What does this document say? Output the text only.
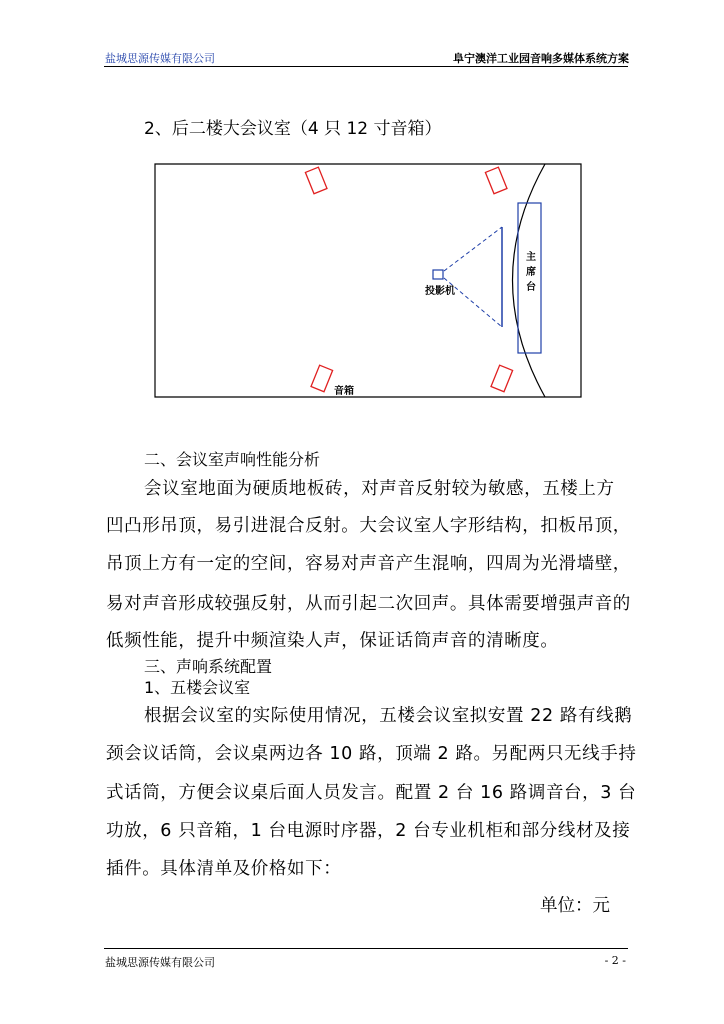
盐城思源传媒有限公司	阜宁澳洋工业园音响多媒体系统方案
2、后二楼大会议室（4 只 12 寸音箱）
主
席
台
投影机
音箱
二、会议室声响性能分析
会议室地面为硬质地板砖，对声音反射较为敏感，五楼上方
凹凸形吊顶，易引进混合反射。大会议室人字形结构，扣板吊顶，
吊顶上方有一定的空间，容易对声音产生混响，四周为光滑墙壁，
易对声音形成较强反射，从而引起二次回声。具体需要增强声音的
低频性能，提升中频渲染人声，保证话筒声音的清晰度。
三、声响系统配置
1、五楼会议室
根据会议室的实际使用情况，五楼会议室拟安置 22 路有线鹅
颈会议话筒，会议桌两边各 10 路，顶端 2 路。另配两只无线手持
式话筒，方便会议桌后面人员发言。配置 2 台 16 路调音台，3 台
功放，6 只音箱，1 台电源时序器，2 台专业机柜和部分线材及接
插件。具体清单及价格如下：
单位：元
盐城思源传媒有限公司	- 2 -
